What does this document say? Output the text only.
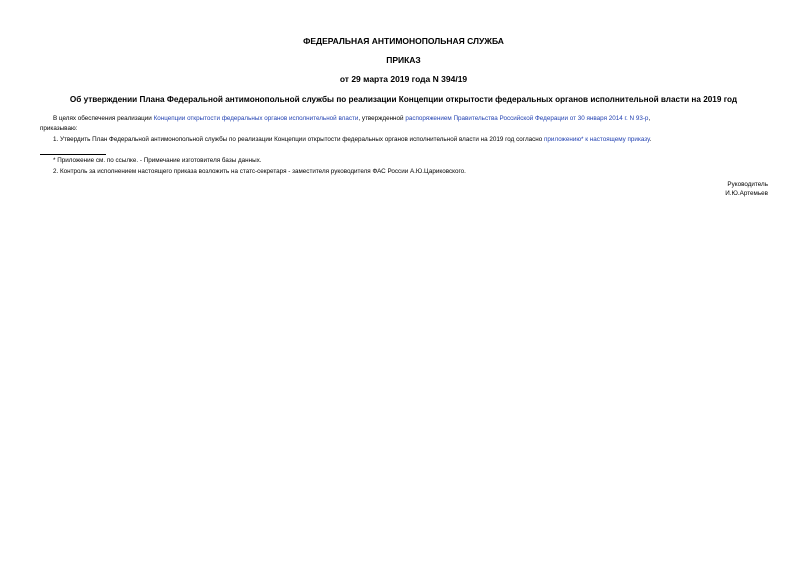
ФЕДЕРАЛЬНАЯ АНТИМОНОПОЛЬНАЯ СЛУЖБА
ПРИКАЗ
от 29 марта 2019 года N 394/19
Об утверждении Плана Федеральной антимонопольной службы по реализации Концепции открытости федеральных органов исполнительной власти на 2019 год
В целях обеспечения реализации Концепции открытости федеральных органов исполнительной власти, утвержденной распоряжением Правительства Российской Федерации от 30 января 2014 г. N 93-р,
приказываю:
1. Утвердить План Федеральной антимонопольной службы по реализации Концепции открытости федеральных органов исполнительной власти на 2019 год согласно приложению* к настоящему приказу.
* Приложение см. по ссылке. - Примечание изготовителя базы данных.
2. Контроль за исполнением настоящего приказа возложить на статс-секретаря - заместителя руководителя ФАС России А.Ю.Цариковского.
Руководитель
И.Ю.Артемьев
